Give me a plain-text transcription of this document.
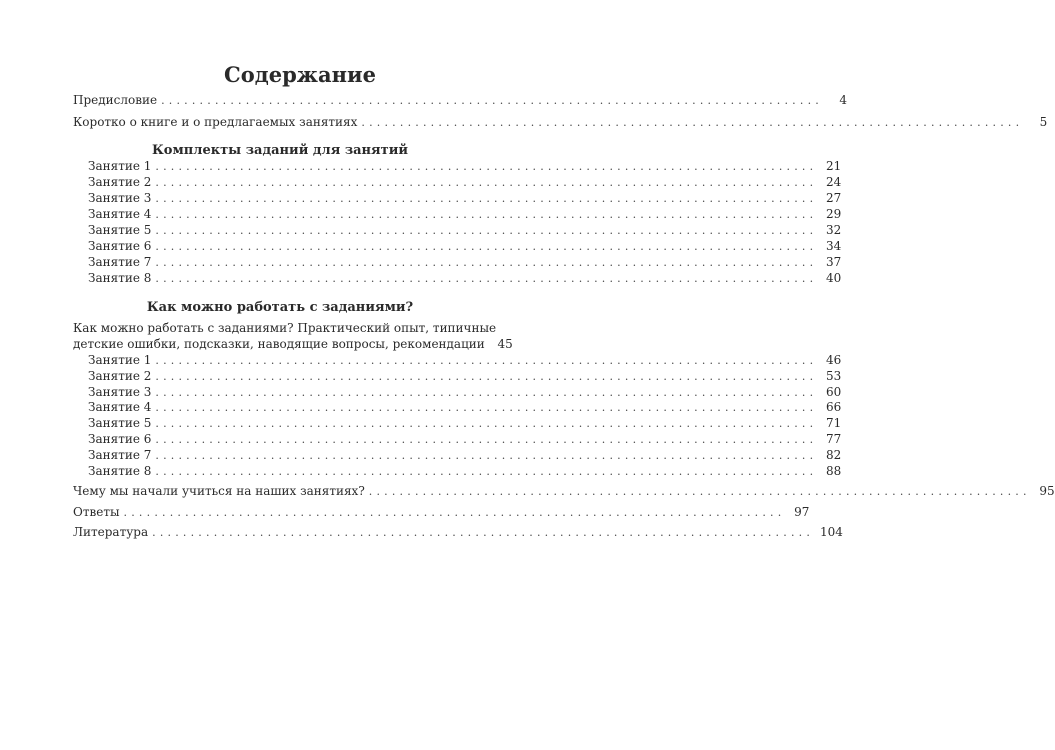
Содержание
Предисловие ......................................................................................	4
Коротко о книге и о предлагаемых занятиях ......................................................................................	5
Комплекты заданий для занятий
Занятие 1 ...................................................................................... 21
Занятие 2 ...................................................................................... 24
Занятие 3 ...................................................................................... 27
Занятие 4 ...................................................................................... 29
Занятие 5 ...................................................................................... 32
Занятие 6 ...................................................................................... 34
Занятие 7 ...................................................................................... 37
Занятие 8 ...................................................................................... 40
Как можно работать с заданиями?
Как можно работать с заданиями? Практический опыт, типичные
детские ошибки, подсказки, наводящие вопросы, рекомендации 45
Занятие 1 ...................................................................................... 46
Занятие 2 ...................................................................................... 53
Занятие 3 ...................................................................................... 60
Занятие 4 ...................................................................................... 66
Занятие 5 ...................................................................................... 71
Занятие 6 ...................................................................................... 77
Занятие 7 ...................................................................................... 82
Занятие 8 ...................................................................................... 88
Чему мы начали учиться на наших занятиях? ...................................................................................... 95
Ответы ...................................................................................... 97
Литература ...................................................................................... 104
